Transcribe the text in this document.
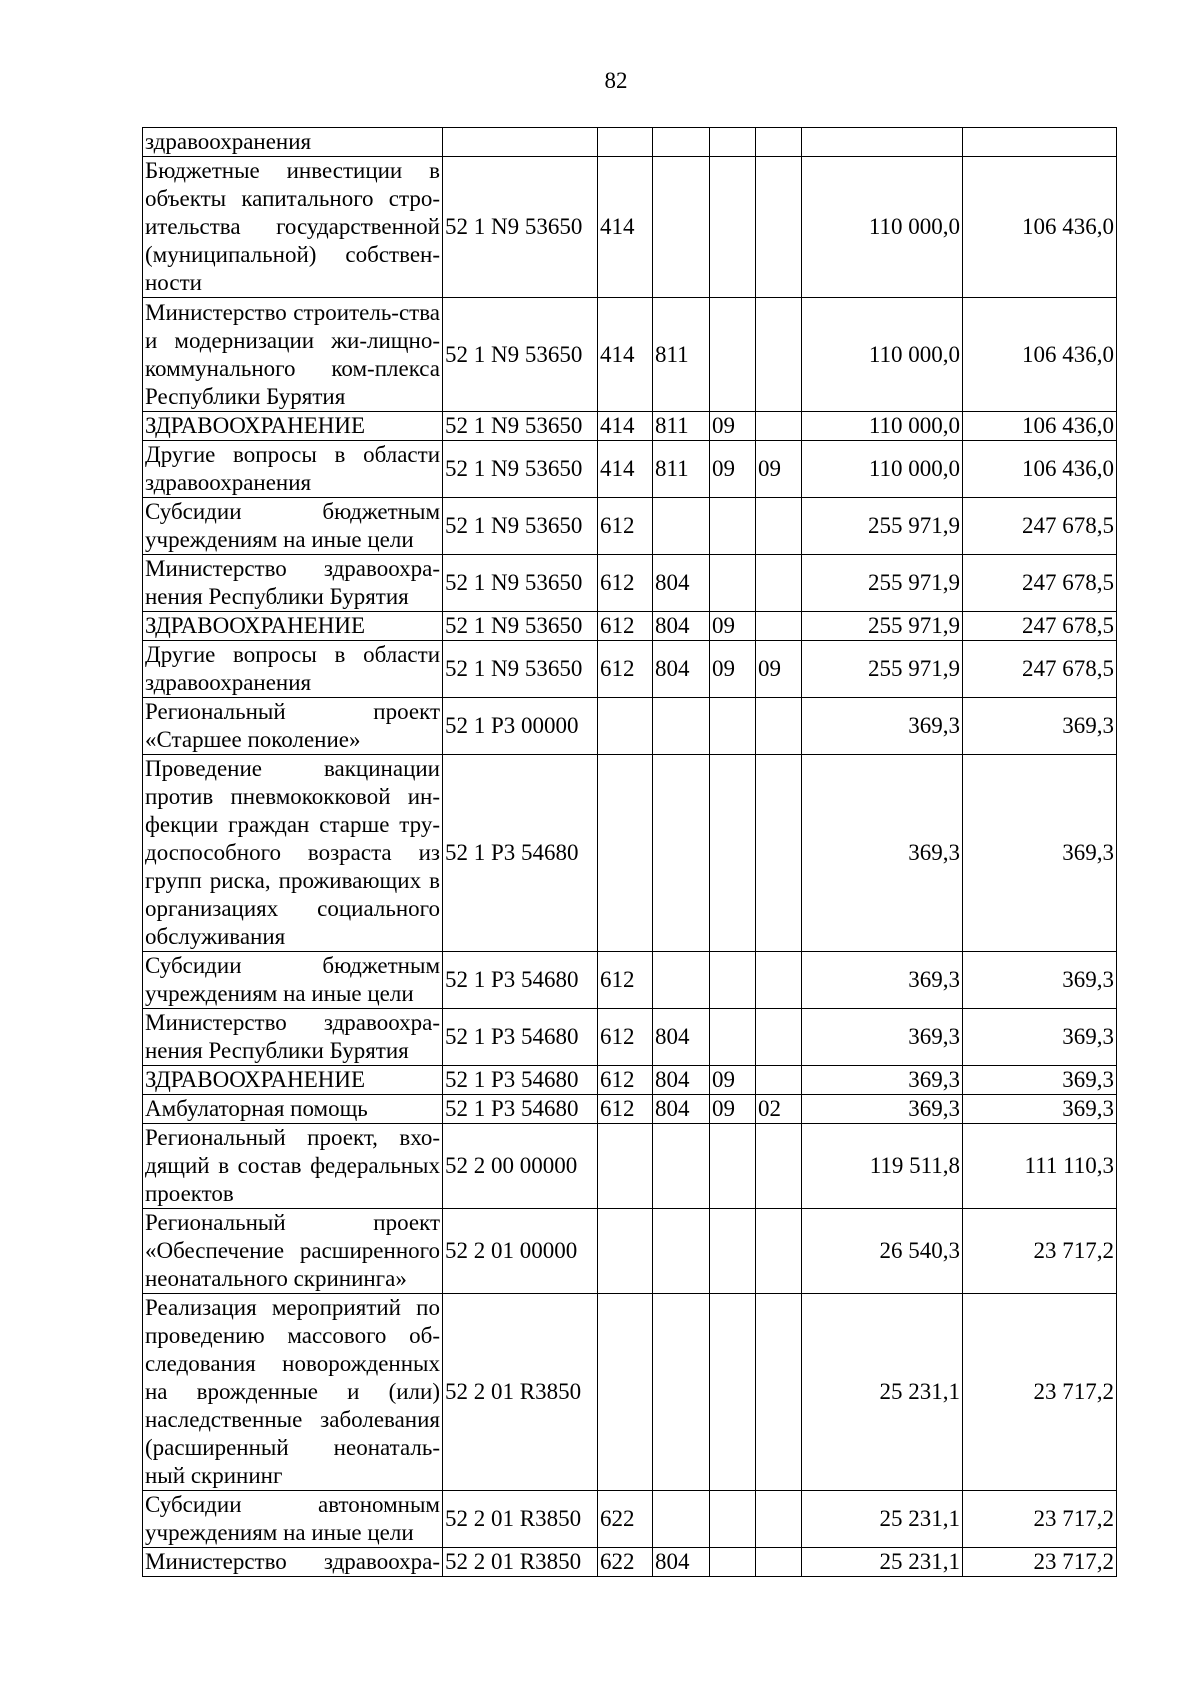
82
здравоохранения							
Бюджетные инвестиции в объекты капитального стро-ительства государственной (муниципальной) собствен-ности	52 1 N9 53650	414				110 000,0	106 436,0
Министерство строитель-ства и модернизации жи-лищно-коммунального ком-плекса Республики Бурятия	52 1 N9 53650	414	811			110 000,0	106 436,0
ЗДРАВООХРАНЕНИЕ	52 1 N9 53650	414	811	09		110 000,0	106 436,0
Другие вопросы в области здравоохранения	52 1 N9 53650	414	811	09	09	110 000,0	106 436,0
Субсидии бюджетным учреждениям на иные цели	52 1 N9 53650	612				255 971,9	247 678,5
Министерство здравоохра-нения Республики Бурятия	52 1 N9 53650	612	804			255 971,9	247 678,5
ЗДРАВООХРАНЕНИЕ	52 1 N9 53650	612	804	09		255 971,9	247 678,5
Другие вопросы в области здравоохранения	52 1 N9 53650	612	804	09	09	255 971,9	247 678,5
Региональный проект «Старшее поколение»	52 1 P3 00000					369,3	369,3
Проведение вакцинации против пневмококковой ин-фекции граждан старше тру-доспособного возраста из групп риска, проживающих в организациях социального обслуживания	52 1 P3 54680					369,3	369,3
Субсидии бюджетным учреждениям на иные цели	52 1 P3 54680	612				369,3	369,3
Министерство здравоохра-нения Республики Бурятия	52 1 P3 54680	612	804			369,3	369,3
ЗДРАВООХРАНЕНИЕ	52 1 P3 54680	612	804	09		369,3	369,3
Амбулаторная помощь	52 1 P3 54680	612	804	09	02	369,3	369,3
Региональный проект, вхо-дящий в состав федеральных проектов	52 2 00 00000					119 511,8	111 110,3
Региональный проект «Обеспечение расширенного неонатального скрининга»	52 2 01 00000					26 540,3	23 717,2
Реализация мероприятий по проведению массового об-следования новорожденных на врожденные и (или) наследственные заболевания (расширенный неонаталь-ный скрининг	52 2 01 R3850					25 231,1	23 717,2
Субсидии автономным учреждениям на иные цели	52 2 01 R3850	622				25 231,1	23 717,2
Министерство здравоохра-	52 2 01 R3850	622	804			25 231,1	23 717,2
